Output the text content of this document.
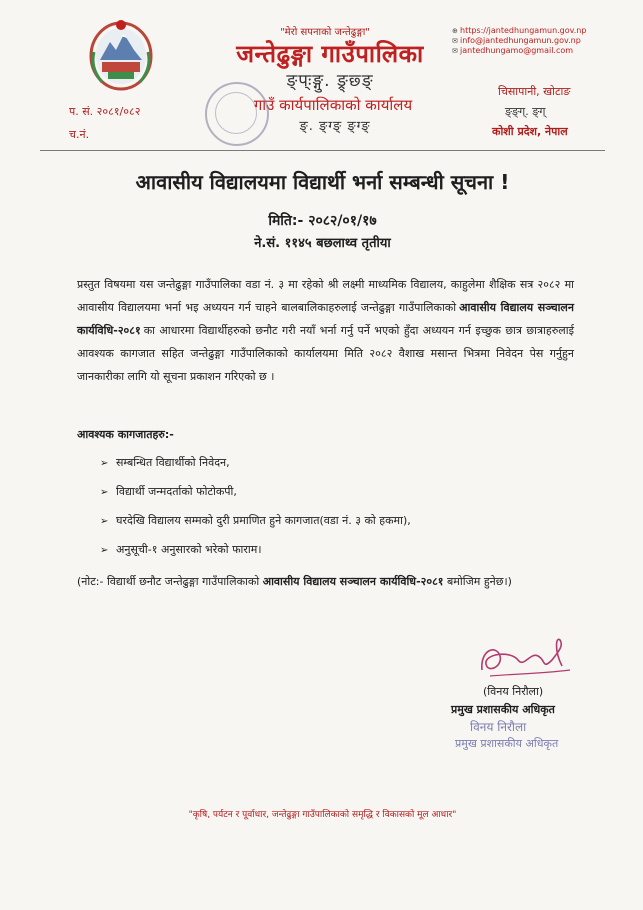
"मेरो सपनाको जन्तेढुङ्गा"
जन्तेढुङ्गा गाउँपालिका
ङ्प्ःङ्गु. ङ्र्छ्ङ्
गाउँ कार्यपालिकाको कार्यालय
ङ्. ङ्ग्ङ् ङ्ग्ङ्
⊕ https://jantedhungamun.gov.np
✉ info@jantedhungamun.gov.np
✉ jantedhungamo@gmail.com
चिसापानी, खोटाङ
ङ्ङ्ग्. ङ्ग्
कोशी प्रदेश, नेपाल
प. सं. २०८१/०८२
च.नं.
आवासीय विद्यालयमा विद्यार्थी भर्ना सम्बन्धी सूचना !
मिति:- २०८२/०१/१७
ने.सं. ११४५ बछलाथ्व तृतीया
प्रस्तुत विषयमा यस जन्तेढुङ्गा गाउँपालिका वडा नं. ३ मा रहेको श्री लक्ष्मी माध्यमिक विद्यालय, काहुलेमा शैक्षिक सत्र २०८२ मा आवासीय विद्यालयमा भर्ना भइ अध्ययन गर्न चाहने बालबालिकाहरुलाई जन्तेढुङ्गा गाउँपालिकाको आवासीय विद्यालय सञ्चालन कार्यविधि-२०८१ का आधारमा विद्यार्थीहरुको छनौट गरी नयाँ भर्ना गर्नु पर्ने भएकाे हुँदा अध्ययन गर्न इच्छुक छात्र छात्राहरुलाई आवश्यक कागजात सहित जन्तेढुङ्गा गाउँपालिकाको कार्यालयमा मिति २०८२ वैशाख मसान्त भित्रमा निवेदन पेस गर्नुहुन जानकारीका लागि यो सूचना प्रकाशन गरिएको छ ।
आवश्यक कागजातहरु:-
➢ सम्बन्धित विद्यार्थीको निवेदन,
➢ विद्यार्थी जन्मदर्ताको फोटोकपी,
➢ घरदेखि विद्यालय सम्मको दुरी प्रमाणित हुने कागजात(वडा नं. ३ को हकमा),
➢ अनुसूची-१ अनुसारको भरेको फाराम।
(नोट:- विद्यार्थी छनौट जन्तेढुङ्गा गाउँपालिकाको आवासीय विद्यालय सञ्चालन कार्यविधि-२०८१ बमोजिम हुनेछ।)
(विनय निरौला)
प्रमुख प्रशासकीय अधिकृत
विनय निरौला
प्रमुख प्रशासकीय अधिकृत
"कृषि, पर्यटन र पूर्वाधार, जन्तेढुङ्गा गाउँपालिकाको समृद्धि र विकासको मूल आधार"
